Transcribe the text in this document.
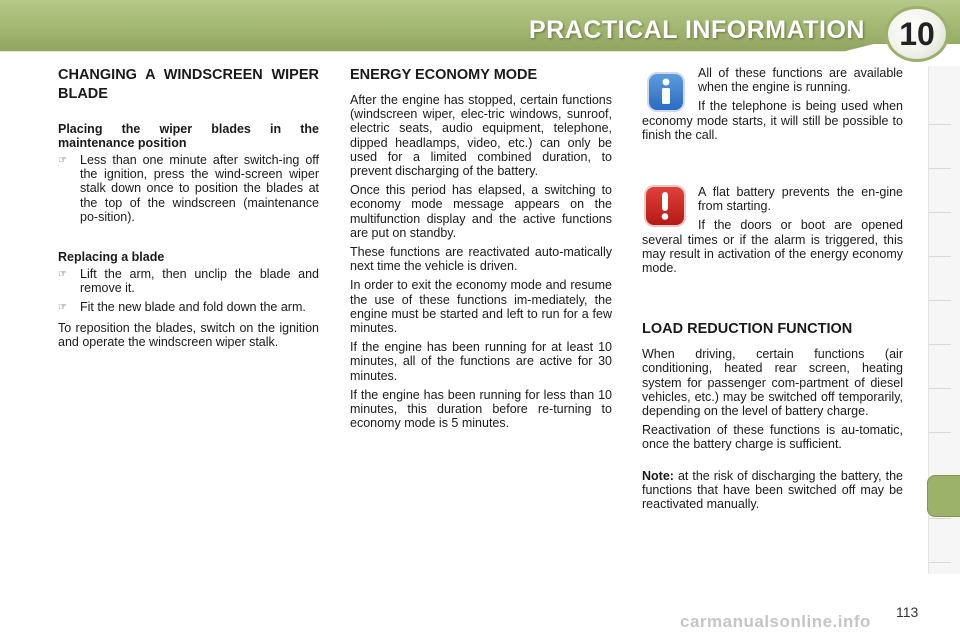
PRACTICAL INFORMATION	10
CHANGING A WINDSCREEN WIPER BLADE
Placing the wiper blades in the maintenance position
☞	Less than one minute after switch-ing off the ignition, press the wind-screen wiper stalk down once to position the blades at the top of the windscreen (maintenance po-sition).
Replacing a blade
☞	Lift the arm, then unclip the blade and remove it.
☞	Fit the new blade and fold down the arm.

To reposition the blades, switch on the ignition and operate the windscreen wiper stalk.

ENERGY ECONOMY MODE

After the engine has stopped, certain functions (windscreen wiper, elec-tric windows, sunroof, electric seats, audio equipment, telephone, dipped headlamps, video, etc.) can only be used for a limited combined duration, to prevent discharging of the battery.

Once this period has elapsed, a switching to economy mode message appears on the multifunction display and the active functions are put on standby.

These functions are reactivated auto-matically next time the vehicle is driven.

In order to exit the economy mode and resume the use of these functions im-mediately, the engine must be started and left to run for a few minutes.

If the engine has been running for at least 10 minutes, all of the functions are active for 30 minutes.

If the engine has been running for less than 10 minutes, this duration before re-turning to economy mode is 5 minutes.

All of these functions are available when the engine is running.

If the telephone is being used when economy mode starts, it will still be possible to finish the call.

A flat battery prevents the en-gine from starting.

If the doors or boot are opened several times or if the alarm is triggered, this may result in activation of the energy economy mode.

LOAD REDUCTION FUNCTION

When driving, certain functions (air conditioning, heated rear screen, heating system for passenger com-partment of diesel vehicles, etc.) may be switched off temporarily, depending on the level of battery charge.

Reactivation of these functions is au-tomatic, once the battery charge is sufficient.

Note: at the risk of discharging the battery, the functions that have been switched off may be reactivated manually.

113
carmanualsonline.info
